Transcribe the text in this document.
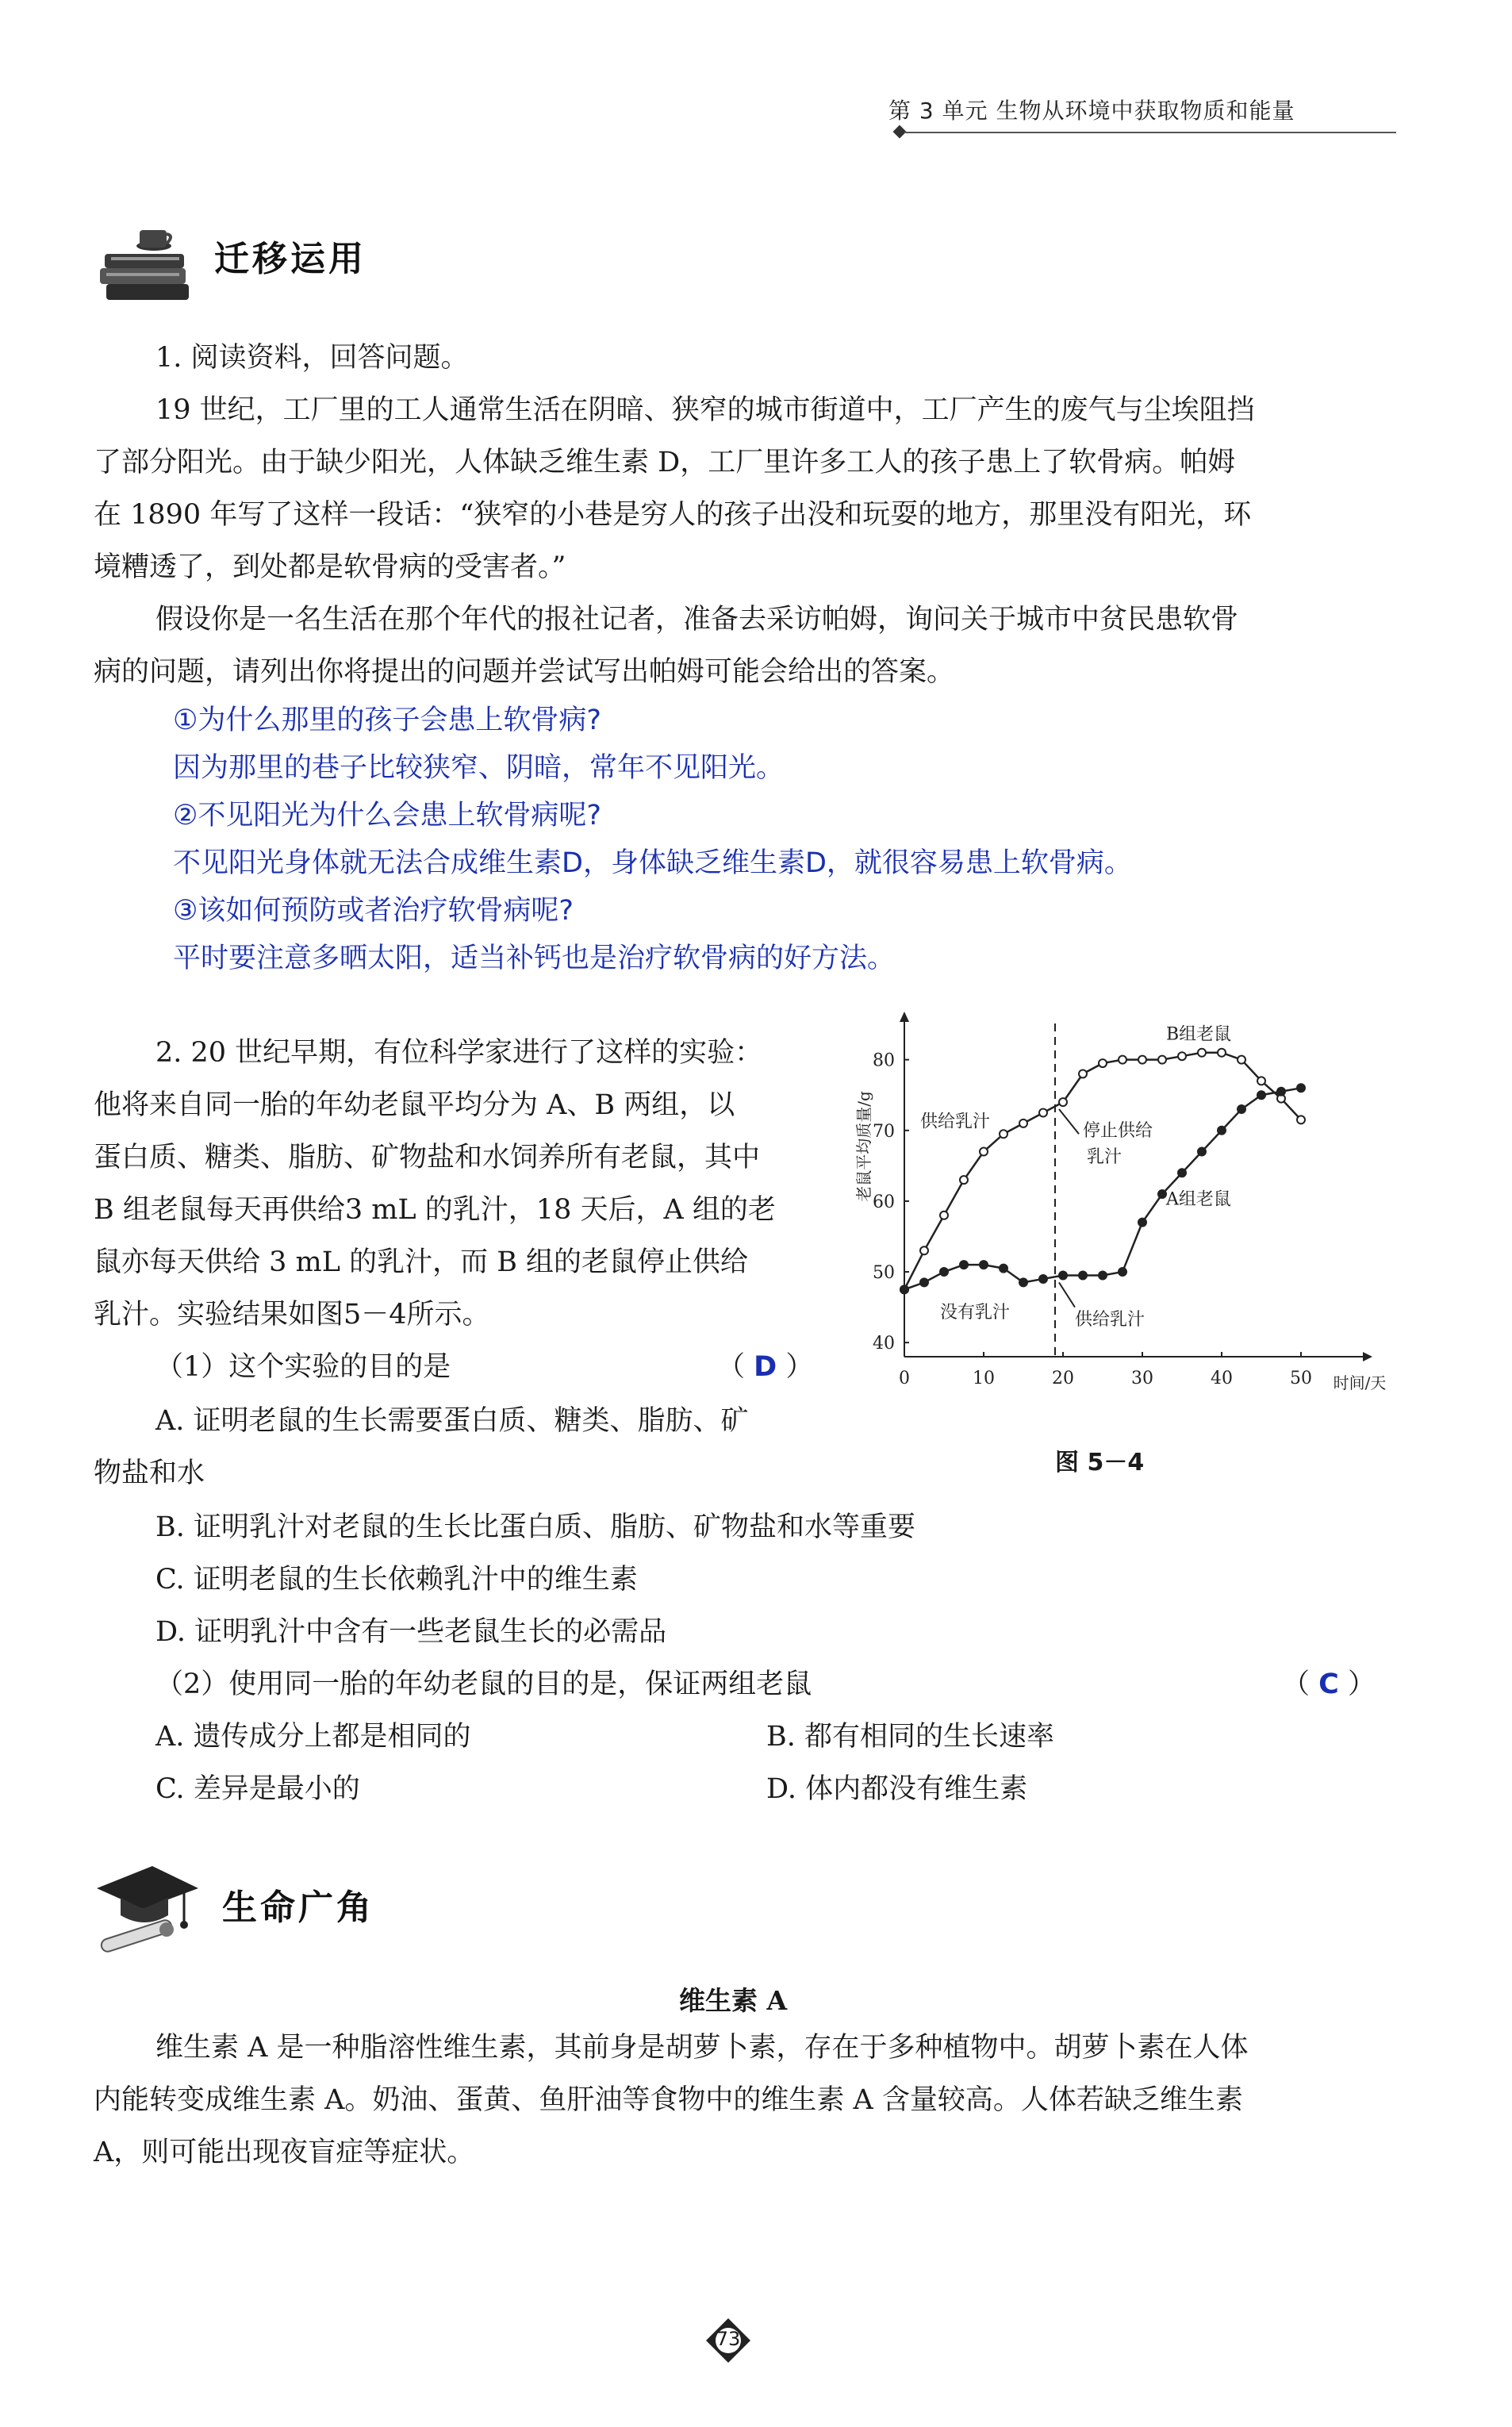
第 3 单元 生物从环境中获取物质和能量
迁移运用
1. 阅读资料，回答问题。
19 世纪，工厂里的工人通常生活在阴暗、狭窄的城市街道中，工厂产生的废气与尘埃阻挡
了部分阳光。由于缺少阳光，人体缺乏维生素 D，工厂里许多工人的孩子患上了软骨病。帕姆
在 1890 年写了这样一段话：“狭窄的小巷是穷人的孩子出没和玩耍的地方，那里没有阳光，环
境糟透了，到处都是软骨病的受害者。”
假设你是一名生活在那个年代的报社记者，准备去采访帕姆，询问关于城市中贫民患软骨
病的问题，请列出你将提出的问题并尝试写出帕姆可能会给出的答案。
①为什么那里的孩子会患上软骨病?
因为那里的巷子比较狭窄、阴暗，常年不见阳光。
②不见阳光为什么会患上软骨病呢?
不见阳光身体就无法合成维生素D，身体缺乏维生素D，就很容易患上软骨病。
③该如何预防或者治疗软骨病呢?
平时要注意多晒太阳，适当补钙也是治疗软骨病的好方法。
2. 20 世纪早期，有位科学家进行了这样的实验：
他将来自同一胎的年幼老鼠平均分为 A、B 两组，以
蛋白质、糖类、脂肪、矿物盐和水饲养所有老鼠，其中
B 组老鼠每天再供给3 mL 的乳汁，18 天后，A 组的老
鼠亦每天供给 3 mL 的乳汁，而 B 组的老鼠停止供给
乳汁。实验结果如图5－4所示。
（1）这个实验的目的是	（ D ）
A. 证明老鼠的生长需要蛋白质、糖类、脂肪、矿
物盐和水
B. 证明乳汁对老鼠的生长比蛋白质、脂肪、矿物盐和水等重要
C. 证明老鼠的生长依赖乳汁中的维生素
D. 证明乳汁中含有一些老鼠生长的必需品
（2）使用同一胎的年幼老鼠的目的是，保证两组老鼠	（ C ）
A. 遗传成分上都是相同的	B. 都有相同的生长速率
C. 差异是最小的	D. 体内都没有维生素
0	10	20	30	40	50
40
50
60
70
80
时间/天
老鼠平均质量/g
B组老鼠
供给乳汁	停止供给
乳汁
A组老鼠
没有乳汁	供给乳汁
图 5－4
生命广角
维生素 A
维生素 A 是一种脂溶性维生素，其前身是胡萝卜素，存在于多种植物中。胡萝卜素在人体
内能转变成维生素 A。奶油、蛋黄、鱼肝油等食物中的维生素 A 含量较高。人体若缺乏维生素
A，则可能出现夜盲症等症状。
73
